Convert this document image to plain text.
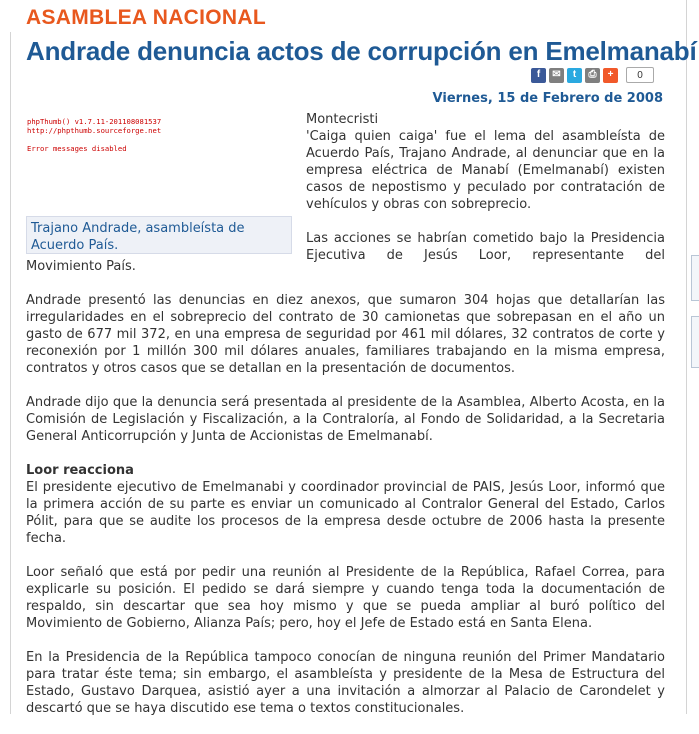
ASAMBLEA NACIONAL
Andrade denuncia actos de corrupción en Emelmanabí
f	✉	t	⎙	+	0
Viernes, 15 de Febrero de 2008
phpThumb() v1.7.11-201108081537
http://phpthumb.sourceforge.net
Error messages disabled
Trajano Andrade, asambleísta de Acuerdo País.

Montecristi

'Caiga quien caiga' fue el lema del asambleísta de Acuerdo País, Trajano Andrade, al denunciar que en la empresa eléctrica de Manabí (Emelmanabí) existen casos de nepostismo y peculado por contratación de vehículos y obras con sobreprecio.

Las acciones se habrían cometido bajo la Presidencia Ejecutiva de Jesús Loor, representante del

Movimiento País.

Andrade presentó las denuncias en diez anexos, que sumaron 304 hojas que detallarían las irregularidades en el sobreprecio del contrato de 30 camionetas que sobrepasan en el año un gasto de 677 mil 372, en una empresa de seguridad por 461 mil dólares, 32 contratos de corte y reconexión por 1 millón 300 mil dólares anuales, familiares trabajando en la misma empresa, contratos y otros casos que se detallan en la presentación de documentos.

Andrade dijo que la denuncia será presentada al presidente de la Asamblea, Alberto Acosta, en la Comisión de Legislación y Fiscalización, a la Contraloría, al Fondo de Solidaridad, a la Secretaria General Anticorrupción y Junta de Accionistas de Emelmanabí.

Loor reacciona

El presidente ejecutivo de Emelmanabi y coordinador provincial de PAIS, Jesús Loor, informó que la primera acción de su parte es enviar un comunicado al Contralor General del Estado, Carlos Pólit, para que se audite los procesos de la empresa desde octubre de 2006 hasta la presente fecha.

Loor señaló que está por pedir una reunión al Presidente de la República, Rafael Correa, para explicarle su posición. El pedido se dará siempre y cuando tenga toda la documentación de respaldo, sin descartar que sea hoy mismo y que se pueda ampliar al buró político del Movimiento de Gobierno, Alianza País; pero, hoy el Jefe de Estado está en Santa Elena.

En la Presidencia de la República tampoco conocían de ninguna reunión del Primer Mandatario para tratar éste tema; sin embargo, el asambleísta y presidente de la Mesa de Estructura del Estado, Gustavo Darquea, asistió ayer a una invitación a almorzar al Palacio de Carondelet y descartó que se haya discutido ese tema o textos constitucionales.
